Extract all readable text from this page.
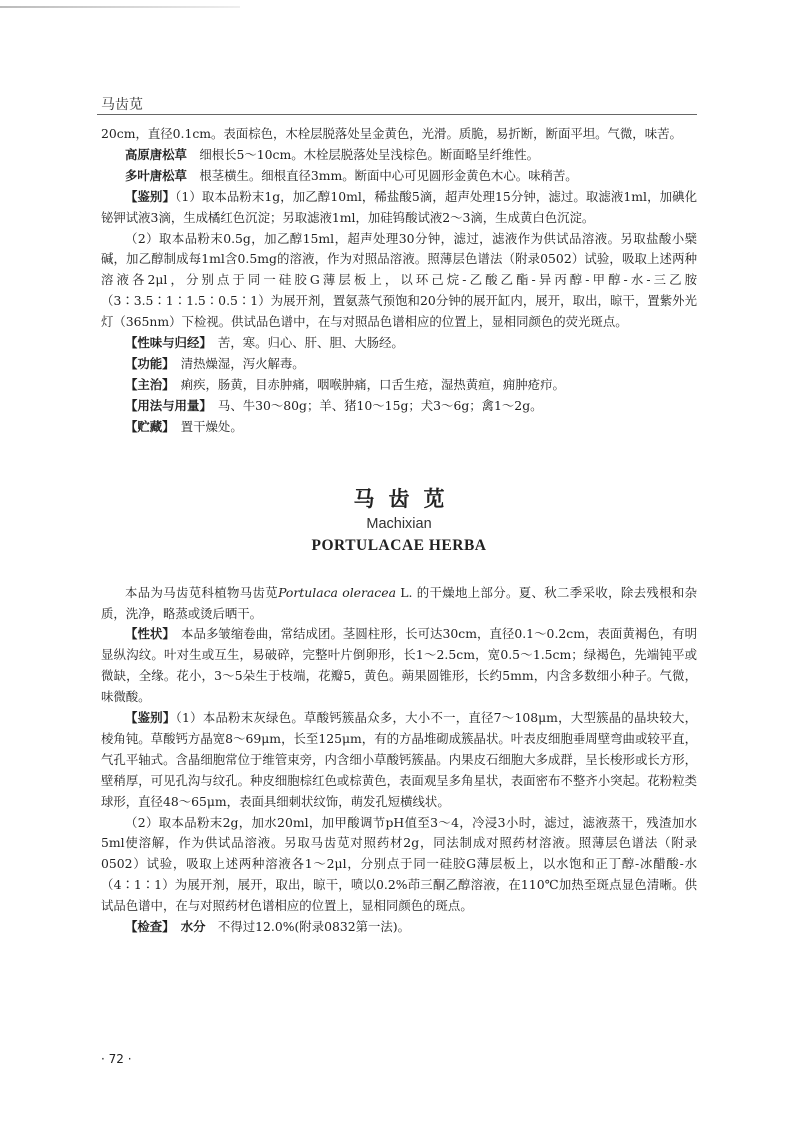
马齿苋

20cm，直径0.1cm。表面棕色，木栓层脱落处呈金黄色，光滑。质脆，易折断，断面平坦。气微，味苦。

高原唐松草　细根长5～10cm。木栓层脱落处呈浅棕色。断面略呈纤维性。

多叶唐松草　根茎横生。细根直径3mm。断面中心可见圆形金黄色木心。味稍苦。

【鉴别】（1）取本品粉末1g，加乙醇10ml，稀盐酸5滴，超声处理15分钟，滤过。取滤液1ml，加碘化铋钾试液3滴，生成橘红色沉淀；另取滤液1ml，加硅钨酸试液2～3滴，生成黄白色沉淀。

（2）取本品粉末0.5g，加乙醇15ml，超声处理30分钟，滤过，滤液作为供试品溶液。另取盐酸小檗碱，加乙醇制成每1ml含0.5mg的溶液，作为对照品溶液。照薄层色谱法（附录0502）试验，吸取上述两种溶液各2μl，分别点于同一硅胶G薄层板上，以环己烷-乙酸乙酯-异丙醇-甲醇-水-三乙胺（3∶3.5∶1∶1.5∶0.5∶1）为展开剂，置氨蒸气预饱和20分钟的展开缸内，展开，取出，晾干，置紫外光灯（365nm）下检视。供试品色谱中，在与对照品色谱相应的位置上，显相同颜色的荧光斑点。

【性味与归经】　苦，寒。归心、肝、胆、大肠经。

【功能】　清热燥湿，泻火解毒。

【主治】　痢疾，肠黄，目赤肿痛，咽喉肿痛，口舌生疮，湿热黄疸，痈肿疮疖。

【用法与用量】　马、牛30～80g；羊、猪10～15g；犬3～6g；禽1～2g。

【贮藏】　置干燥处。

马齿苋
Machixian
PORTULACAE HERBA

本品为马齿苋科植物马齿苋Portulaca oleracea L. 的干燥地上部分。夏、秋二季采收，除去残根和杂质，洗净，略蒸或烫后晒干。

【性状】　本品多皱缩卷曲，常结成团。茎圆柱形，长可达30cm，直径0.1～0.2cm，表面黄褐色，有明显纵沟纹。叶对生或互生，易破碎，完整叶片倒卵形，长1～2.5cm，宽0.5～1.5cm；绿褐色，先端钝平或微缺，全缘。花小，3～5朵生于枝端，花瓣5，黄色。蒴果圆锥形，长约5mm，内含多数细小种子。气微，味微酸。

【鉴别】（1）本品粉末灰绿色。草酸钙簇晶众多，大小不一，直径7～108μm，大型簇晶的晶块较大，棱角钝。草酸钙方晶宽8～69μm，长至125μm，有的方晶堆砌成簇晶状。叶表皮细胞垂周壁弯曲或较平直，气孔平轴式。含晶细胞常位于维管束旁，内含细小草酸钙簇晶。内果皮石细胞大多成群，呈长梭形或长方形，壁稍厚，可见孔沟与纹孔。种皮细胞棕红色或棕黄色，表面观呈多角星状，表面密布不整齐小突起。花粉粒类球形，直径48～65μm，表面具细刺状纹饰，萌发孔短横线状。

（2）取本品粉末2g，加水20ml，加甲酸调节pH值至3～4，冷浸3小时，滤过，滤液蒸干，残渣加水5ml使溶解，作为供试品溶液。另取马齿苋对照药材2g，同法制成对照药材溶液。照薄层色谱法（附录0502）试验，吸取上述两种溶液各1～2μl，分别点于同一硅胶G薄层板上，以水饱和正丁醇-冰醋酸-水（4∶1∶1）为展开剂，展开，取出，晾干，喷以0.2%茚三酮乙醇溶液，在110℃加热至斑点显色清晰。供试品色谱中，在与对照药材色谱相应的位置上，显相同颜色的斑点。

【检查】　水分　不得过12.0%(附录0832第一法)。

· 72 ·
